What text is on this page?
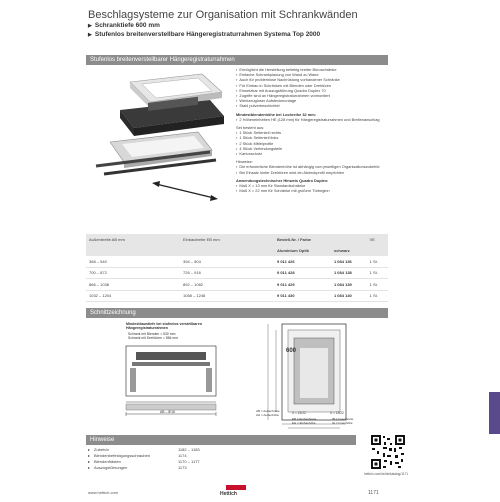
Beschlagsysteme zur Organisation mit Schrankwänden
▶ Schranktiefe 600 mm
▶ Stufenlos breitenverstellbare Hängeregistraturrahmen Systema Top 2000
Stufenlos breitenverstellbarer Hängeregistraturrahmen
▪ Ermöglicht die Herstellung beliebig breiter Büroschränke
▪ Einfache Schrankplanung von Wand zu Wand
▪ Auch für problemlose Nachrüstung vorhandener Schränke
▪ Für Einbau in Schränken mit Blenden oder Drehtüren
▪ Einsetzbar mit Auszugsführung Quadro Duplex 70
▪ Zugriffe sind an Hängeregistraturrahmen vormontiert
▪ Werkzeugloser Aufsteckmontage
▪ Stahl pulverbeschichtet
Mindestblendenhöhe bei Lochreihe 32 mm:
▪ 2 Höheneinheiten HE (128 mm) für Hängeregistraturrahmen und Breitenanschlag
Set besteht aus:
▪ 1 Stück Seitenteil rechts
▪ 1 Stück Seitenteil links
▪ 2 Stück Mittelprofile
▪ 4 Stück Verbindungsteile
▪ Kartonschutz
Hinweise:
▪ Die erforderliche Blendenhöhe ist abhängig vom jeweiligen Organisationszubehör
▪ Bei Einsatz hinter Drehtüren wird ein Abdeckprofil empfohlen
Anwendungstechnischer Hinweis Quadro Duplex:
▪ Maß X = 13 mm für Standardschränke
▪ Maß X = 22 mm für Schränke mit großem Türbeginn
Außenbreite AB mm	Einbaubreite EB mm	Bestell-Nr. / Farbe		VE
		Aluminium Optik	schwarz	
368 – 540	394 – 504	9 011 426	1 084 136	1 St.
700 – 872	726 – 916	9 011 428	1 084 138	1 St.
866 – 1038	892 – 1082	9 011 429	1 084 139	1 St.
1032 – 1204	1058 – 1248	9 011 430	1 084 140	1 St.
Schnittzeichnung
Mindestbaustiefe bei stufenlos verstellbaren Hängeregistraturrahmen
Schrank mit Blenden = 530 mm
Schrank mit Drehtüren = 556 mm
AB – 8/16
600
X = 13/22	X = 13/22
AB = Außenbreite
AH = Außenhöhe
EB = Einbaubreite
EH = Einbauhöhe
IB = Innenbreite
IH = Innenhöhe
Hinweise
▸ Zubehör	1182 – 1183
▸ Blendenbefestigungsschrauben	1174
▸ Blendenfrästen	1170 – 1177
▸ Auszugsführungen	1173
hettich.com/de/de/katalog/1171
www.hettich.com	Hettich	1171
